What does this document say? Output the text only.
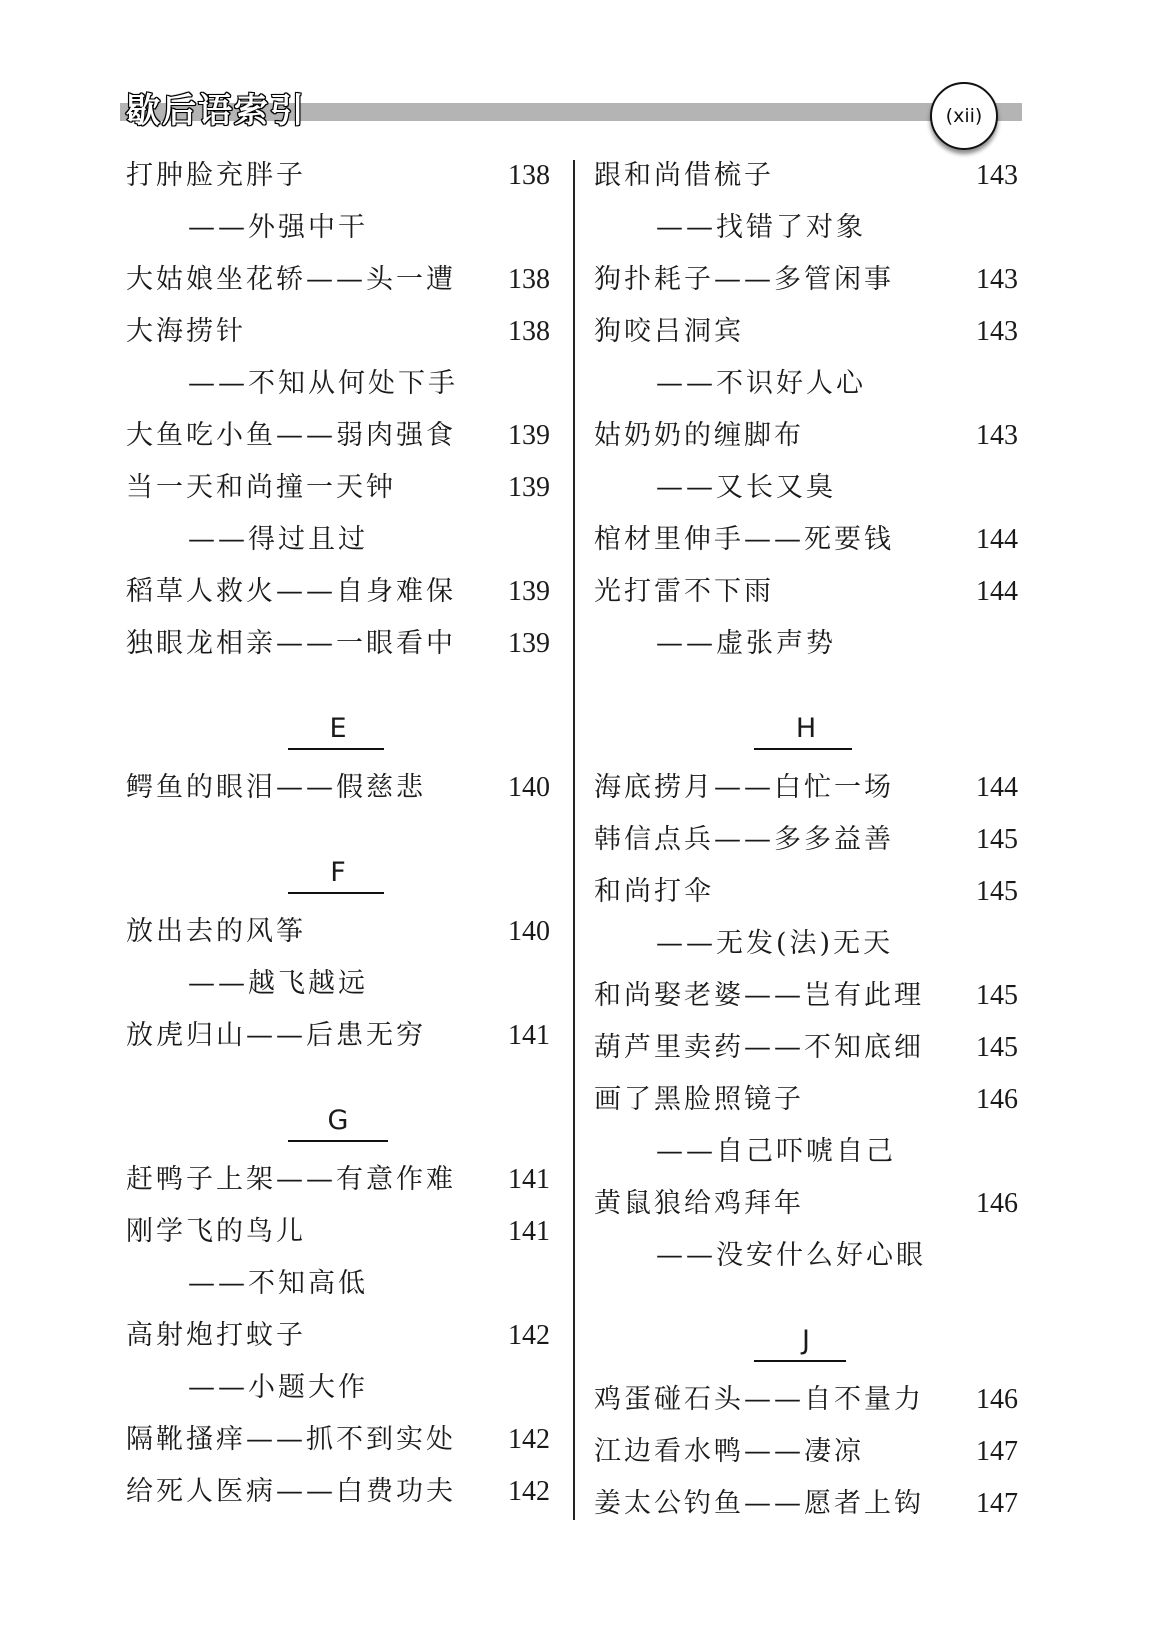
歇后语索引	(xii)
打肿脸充胖子	138
——外强中干
大姑娘坐花轿——头一遭 138
大海捞针	138
——不知从何处下手
大鱼吃小鱼——弱肉强食 139
当一天和尚撞一天钟	139
——得过且过
稻草人救火——自身难保 139
独眼龙相亲——一眼看中 139
E
鳄鱼的眼泪——假慈悲	140
F
放出去的风筝	140
——越飞越远
放虎归山——后患无穷	141
G
赶鸭子上架——有意作难 141
刚学飞的鸟儿	141
——不知高低
高射炮打蚊子	142
——小题大作
隔靴搔痒——抓不到实处 142
给死人医病——白费功夫 142
跟和尚借梳子	143
——找错了对象
狗扑耗子——多管闲事	143
狗咬吕洞宾	143
——不识好人心
姑奶奶的缠脚布	143
——又长又臭
棺材里伸手——死要钱	144
光打雷不下雨	144
——虚张声势
H
海底捞月——白忙一场	144
韩信点兵——多多益善	145
和尚打伞	145
——无发(法)无天
和尚娶老婆——岂有此理 145
葫芦里卖药——不知底细 145
画了黑脸照镜子	146
——自己吓唬自己
黄鼠狼给鸡拜年	146
——没安什么好心眼
J
鸡蛋碰石头——自不量力 146
江边看水鸭——凄凉	147
姜太公钓鱼——愿者上钩 147
